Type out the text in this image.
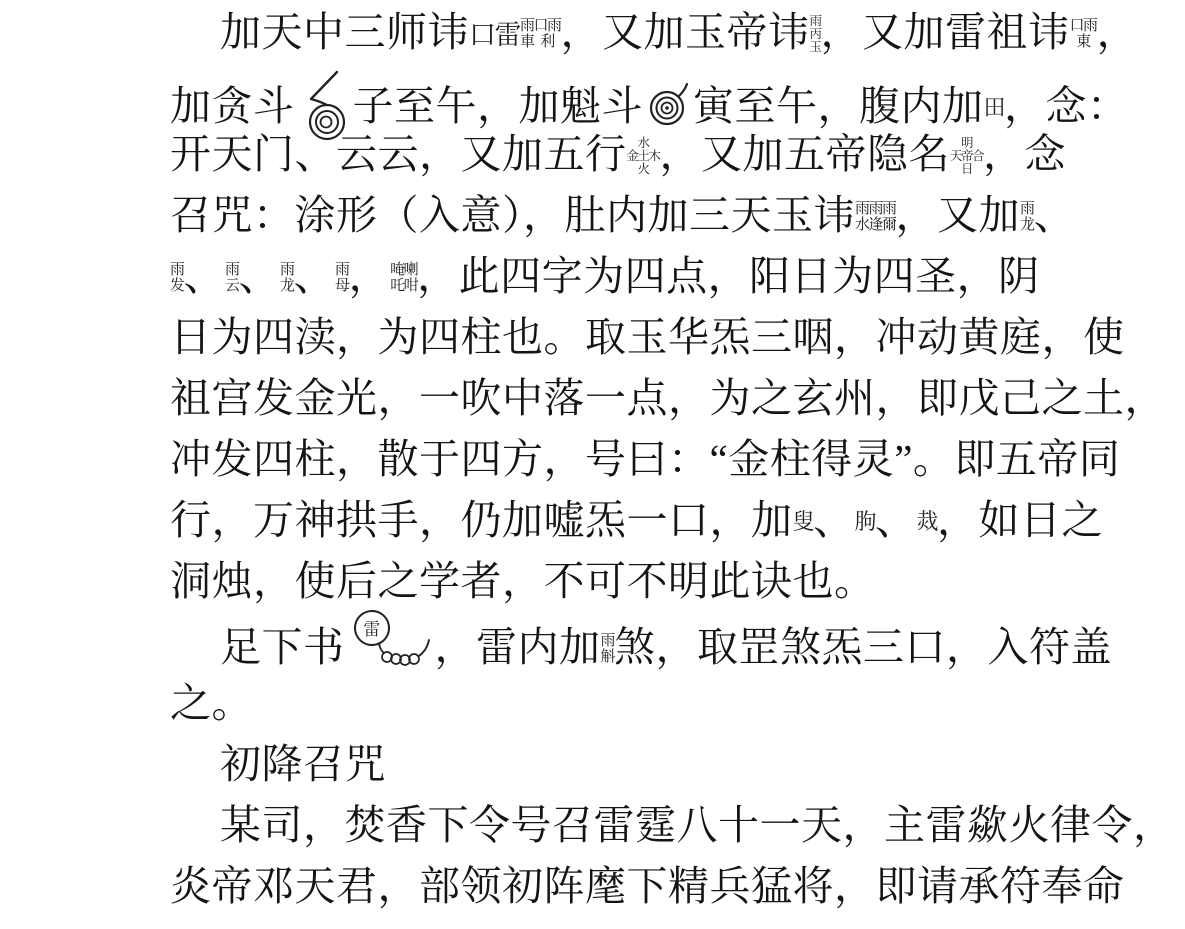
加天中三师讳 口雷 雨
車
口雨
利 ，又加玉帝讳 雨
丙
玉 ，又加雷祖讳 口雨
東 ，
加贪斗 子至午，加魁斗 寅至午，腹内加 田 ，念：
开天门、云云，又加五行 水
金土木
火 ，又加五帝隐名 明
天帝合
日 ，念
召咒：涂形（入意），肚内加三天玉讳 雨
水
雨
逢
雨
爾 ，又加 雨
龙 、
雨
发 、 雨
云 、 雨
龙 、 雨
母 ， 唵喇
吒咁 ，此四字为四点，阳日为四圣，阴
日为四渎，为四柱也。取玉华炁三咽，冲动黄庭，使
祖宫发金光，一吹中落一点，为之玄州，即戊己之土，
冲发四柱，散于四方，号曰：“金柱得灵”。即五帝同
行，万神拱手，仍加嘘炁一口，加 叟 、 朐 、 烖 ，如日之
洞烛，使后之学者，不可不明此诀也。
足下书 雷 ，雷内加 雨
斛 煞，取罡煞炁三口，入符盖
之。
初降召咒
某司，焚香下令号召雷霆八十一天，主雷歘火律令，
炎帝邓天君，部领初阵麾下精兵猛将，即请承符奉命
